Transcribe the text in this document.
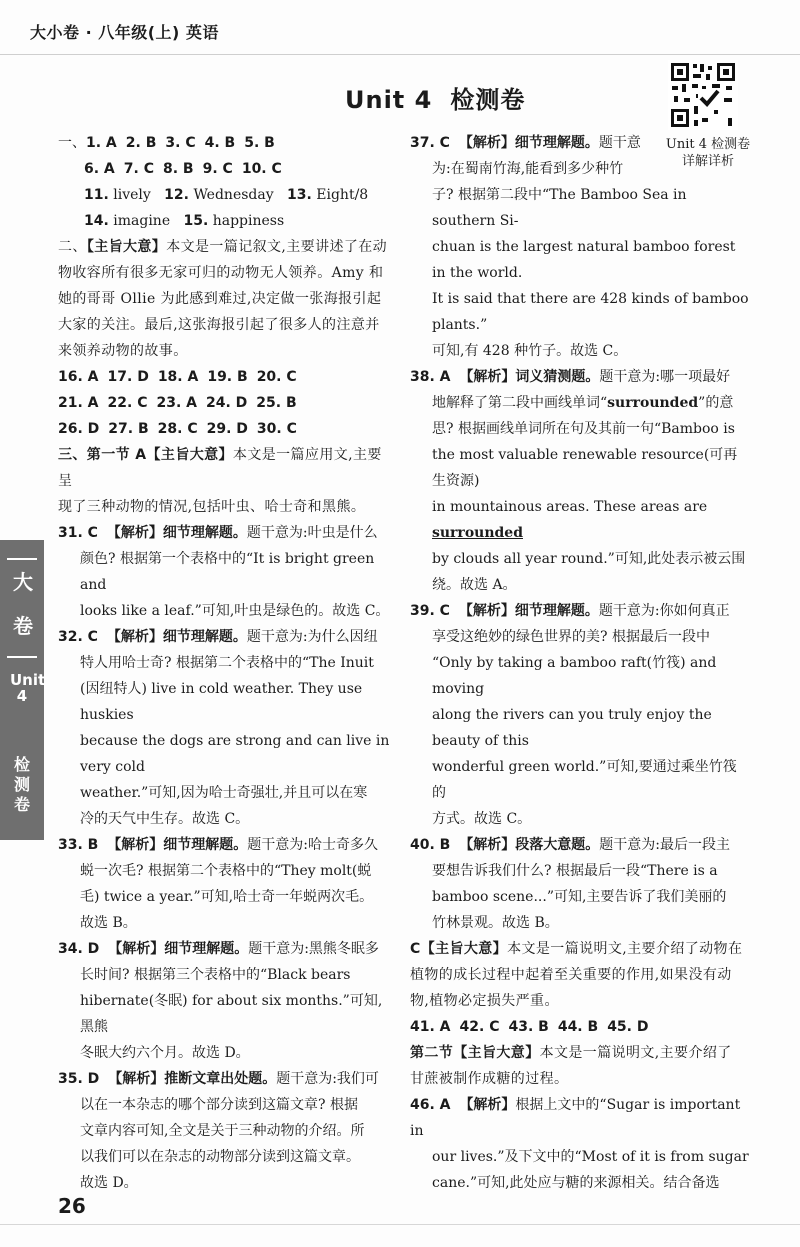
大小卷 · 八年级(上) 英语
Unit 4 检测卷
Unit 4 检测卷
详解详析
大
卷
Unit 4
检测卷
一、1. A 2. B 3. C 4. B 5. B
6. A 7. C 8. B 9. C 10. C
11. lively 12. Wednesday 13. Eight/8
14. imagine 15. happiness
二、【主旨大意】本文是一篇记叙文,主要讲述了在动
物收容所有很多无家可归的动物无人领养。Amy 和
她的哥哥 Ollie 为此感到难过,决定做一张海报引起
大家的关注。最后,这张海报引起了很多人的注意并
来领养动物的故事。
16. A 17. D 18. A 19. B 20. C
21. A 22. C 23. A 24. D 25. B
26. D 27. B 28. C 29. D 30. C
三、第一节 A【主旨大意】本文是一篇应用文,主要呈
现了三种动物的情况,包括叶虫、哈士奇和黑熊。
31. C 【解析】细节理解题。题干意为:叶虫是什么
颜色? 根据第一个表格中的“It is bright green and
looks like a leaf.”可知,叶虫是绿色的。故选 C。
32. C 【解析】细节理解题。题干意为:为什么因纽
特人用哈士奇? 根据第二个表格中的“The Inuit
(因纽特人) live in cold weather. They use huskies
because the dogs are strong and can live in very cold
weather.”可知,因为哈士奇强壮,并且可以在寒
冷的天气中生存。故选 C。
33. B 【解析】细节理解题。题干意为:哈士奇多久
蜕一次毛? 根据第二个表格中的“They molt(蜕
毛) twice a year.”可知,哈士奇一年蜕两次毛。
故选 B。
34. D 【解析】细节理解题。题干意为:黑熊冬眠多
长时间? 根据第三个表格中的“Black bears
hibernate(冬眠) for about six months.”可知,黑熊
冬眠大约六个月。故选 D。
35. D 【解析】推断文章出处题。题干意为:我们可
以在一本杂志的哪个部分读到这篇文章? 根据
文章内容可知,全文是关于三种动物的介绍。所
以我们可以在杂志的动物部分读到这篇文章。
故选 D。

37. C 【解析】细节理解题。题干意
为:在蜀南竹海,能看到多少种竹
子? 根据第二段中“The Bamboo Sea in southern Si-
chuan is the largest natural bamboo forest in the world.
It is said that there are 428 kinds of bamboo plants.”
可知,有 428 种竹子。故选 C。
38. A 【解析】词义猜测题。题干意为:哪一项最好
地解释了第二段中画线单词“surrounded”的意
思? 根据画线单词所在句及其前一句“Bamboo is
the most valuable renewable resource(可再生资源)
in mountainous areas. These areas are surrounded
by clouds all year round.”可知,此处表示被云围
绕。故选 A。
39. C 【解析】细节理解题。题干意为:你如何真正
享受这绝妙的绿色世界的美? 根据最后一段中
“Only by taking a bamboo raft(竹筏) and moving
along the rivers can you truly enjoy the beauty of this
wonderful green world.”可知,要通过乘坐竹筏的
方式。故选 C。
40. B 【解析】段落大意题。题干意为:最后一段主
要想告诉我们什么? 根据最后一段“There is a
bamboo scene...”可知,主要告诉了我们美丽的
竹林景观。故选 B。
C【主旨大意】本文是一篇说明文,主要介绍了动物在
植物的成长过程中起着至关重要的作用,如果没有动
物,植物必定损失严重。
41. A 42. C 43. B 44. B 45. D
第二节【主旨大意】本文是一篇说明文,主要介绍了
甘蔗被制作成糖的过程。
46. A 【解析】根据上文中的“Sugar is important in
our lives.”及下文中的“Most of it is from sugar
cane.”可知,此处应与糖的来源相关。结合备选

26
